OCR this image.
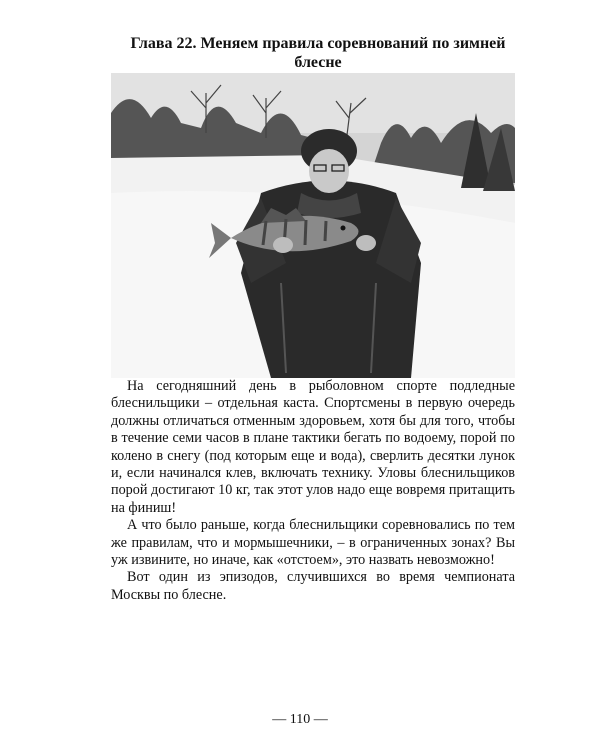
Глава 22. Меняем правила соревнований по зимней блесне

На сегодняшний день в рыболовном спорте подледные блеснильщики – отдельная каста. Спортсмены в первую очередь должны отличаться отменным здоровьем, хотя бы для того, чтобы в течение семи часов в плане тактики бегать по водоему, порой по колено в снегу (под которым еще и вода), сверлить десятки лунок и, если начинался клев, включать технику. Уловы блеснильщиков порой достигают 10 кг, так этот улов надо еще вовремя притащить на финиш!

А что было раньше, когда блеснильщики соревновались по тем же правилам, что и мормышечники, – в ограниченных зонах? Вы уж извините, но иначе, как «отстоем», это назвать невозможно!

Вот один из эпизодов, случившихся во время чемпионата Москвы по блесне.

— 110 —
